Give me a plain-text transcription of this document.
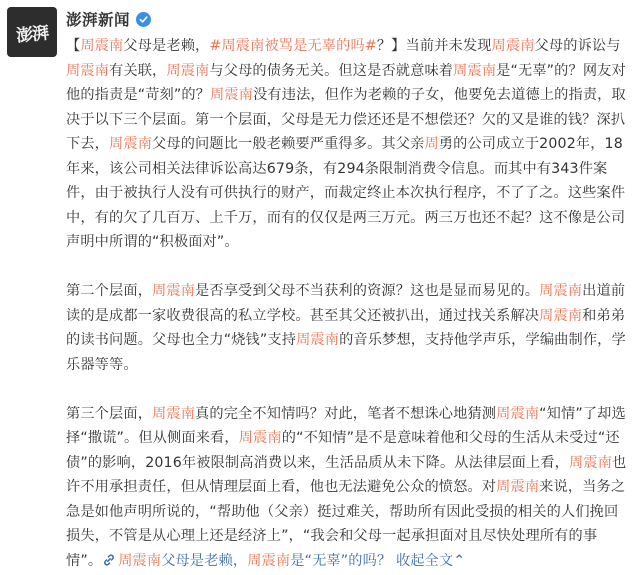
澎湃
澎湃新闻

【周震南父母是老赖，#周震南被骂是无辜的吗#？】当前并未发现周震南父母的诉讼与周震南有关联，周震南与父母的债务无关。但这是否就意味着周震南是“无辜”的？网友对他的指责是“苛刻”的？周震南没有违法，但作为老赖的子女，他要免去道德上的指责，取决于以下三个层面。第一个层面，父母是无力偿还还是不想偿还？欠的又是谁的钱？深扒下去，周震南父母的问题比一般老赖要严重得多。其父亲周勇的公司成立于2002年，18年来，该公司相关法律诉讼高达679条，有294条限制消费令信息。而其中有343件案件，由于被执行人没有可供执行的财产，而裁定终止本次执行程序，不了了之。这些案件中，有的欠了几百万、上千万，而有的仅仅是两三万元。两三万也还不起？这不像是公司声明中所谓的“积极面对”。

第二个层面，周震南是否享受到父母不当获利的资源？这也是显而易见的。周震南出道前读的是成都一家收费很高的私立学校。甚至其父还被扒出，通过找关系解决周震南和弟弟的读书问题。父母也全力“烧钱”支持周震南的音乐梦想，支持他学声乐，学编曲制作，学乐器等等。

第三个层面，周震南真的完全不知情吗？对此，笔者不想诛心地猜测周震南“知情”了却选择“撒谎”。但从侧面来看，周震南的“不知情”是不是意味着他和父母的生活从未受过“还债”的影响，2016年被限制高消费以来，生活品质从未下降。从法律层面上看，周震南也许不用承担责任，但从情理层面上看，他也无法避免公众的愤怒。对周震南来说，当务之急是如他声明所说的，“帮助他（父亲）挺过难关，帮助所有因此受损的相关的人们挽回损失，不管是从心理上还是经济上”，“我会和父母一起承担面对且尽快处理所有的事情”。 周震南父母是老赖，周震南是“无辜”的吗？ 收起全文⌃
